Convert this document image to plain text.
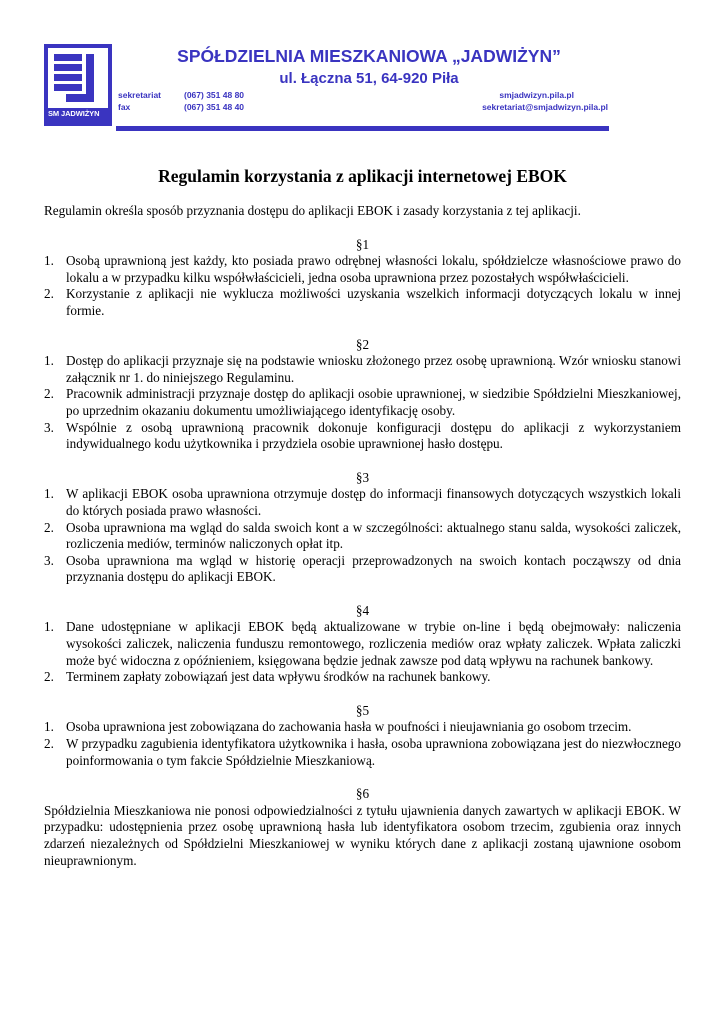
SM JADWIŻYN
SPÓŁDZIELNIA MIESZKANIOWA „JADWIŻYN”
ul. Łączna 51, 64-920 Piła
sekretariat	(067) 351 48 80
fax	(067) 351 48 40
smjadwizyn.pila.pl
sekretariat@smjadwizyn.pila.pl
Regulamin korzystania z aplikacji internetowej EBOK

Regulamin określa sposób przyznania dostępu do aplikacji EBOK i zasady korzystania z tej aplikacji.

§1
1. Osobą uprawnioną jest każdy, kto posiada prawo odrębnej własności lokalu, spółdzielcze własnościowe prawo do lokalu a w przypadku kilku współwłaścicieli, jedna osoba uprawniona przez pozostałych współwłaścicieli.
2. Korzystanie z aplikacji nie wyklucza możliwości uzyskania wszelkich informacji dotyczących lokalu w innej formie.
§2
1. Dostęp do aplikacji przyznaje się na podstawie wniosku złożonego przez osobę uprawnioną. Wzór wniosku stanowi załącznik nr 1. do niniejszego Regulaminu.
2. Pracownik administracji przyznaje dostęp do aplikacji osobie uprawnionej, w siedzibie Spółdzielni Mieszkaniowej, po uprzednim okazaniu dokumentu umożliwiającego identyfikację osoby.
3. Wspólnie z osobą uprawnioną pracownik dokonuje konfiguracji dostępu do aplikacji z wykorzystaniem indywidualnego kodu użytkownika i przydziela osobie uprawnionej hasło dostępu.
§3
1. W aplikacji EBOK osoba uprawniona otrzymuje dostęp do informacji finansowych dotyczących wszystkich lokali do których posiada prawo własności.
2. Osoba uprawniona ma wgląd do salda swoich kont a w szczególności: aktualnego stanu salda, wysokości zaliczek, rozliczenia mediów, terminów naliczonych opłat itp.
3. Osoba uprawniona ma wgląd w historię operacji przeprowadzonych na swoich kontach począwszy od dnia przyznania dostępu do aplikacji EBOK.
§4
1. Dane udostępniane w aplikacji EBOK będą aktualizowane w trybie on-line i będą obejmowały: naliczenia wysokości zaliczek, naliczenia funduszu remontowego, rozliczenia mediów oraz wpłaty zaliczek. Wpłata zaliczki może być widoczna z opóźnieniem, księgowana będzie jednak zawsze pod datą wpływu na rachunek bankowy.
2. Terminem zapłaty zobowiązań jest data wpływu środków na rachunek bankowy.
§5
1. Osoba uprawniona jest zobowiązana do zachowania hasła w poufności i nieujawniania go osobom trzecim.
2. W przypadku zagubienia identyfikatora użytkownika i hasła, osoba uprawniona zobowiązana jest do niezwłocznego poinformowania o tym fakcie Spółdzielnie Mieszkaniową.
§6
Spółdzielnia Mieszkaniowa nie ponosi odpowiedzialności z tytułu ujawnienia danych zawartych w aplikacji EBOK. W przypadku: udostępnienia przez osobę uprawnioną hasła lub identyfikatora osobom trzecim, zgubienia oraz innych zdarzeń niezależnych od Spółdzielni Mieszkaniowej w wyniku których dane z aplikacji zostaną ujawnione osobom nieuprawnionym.
